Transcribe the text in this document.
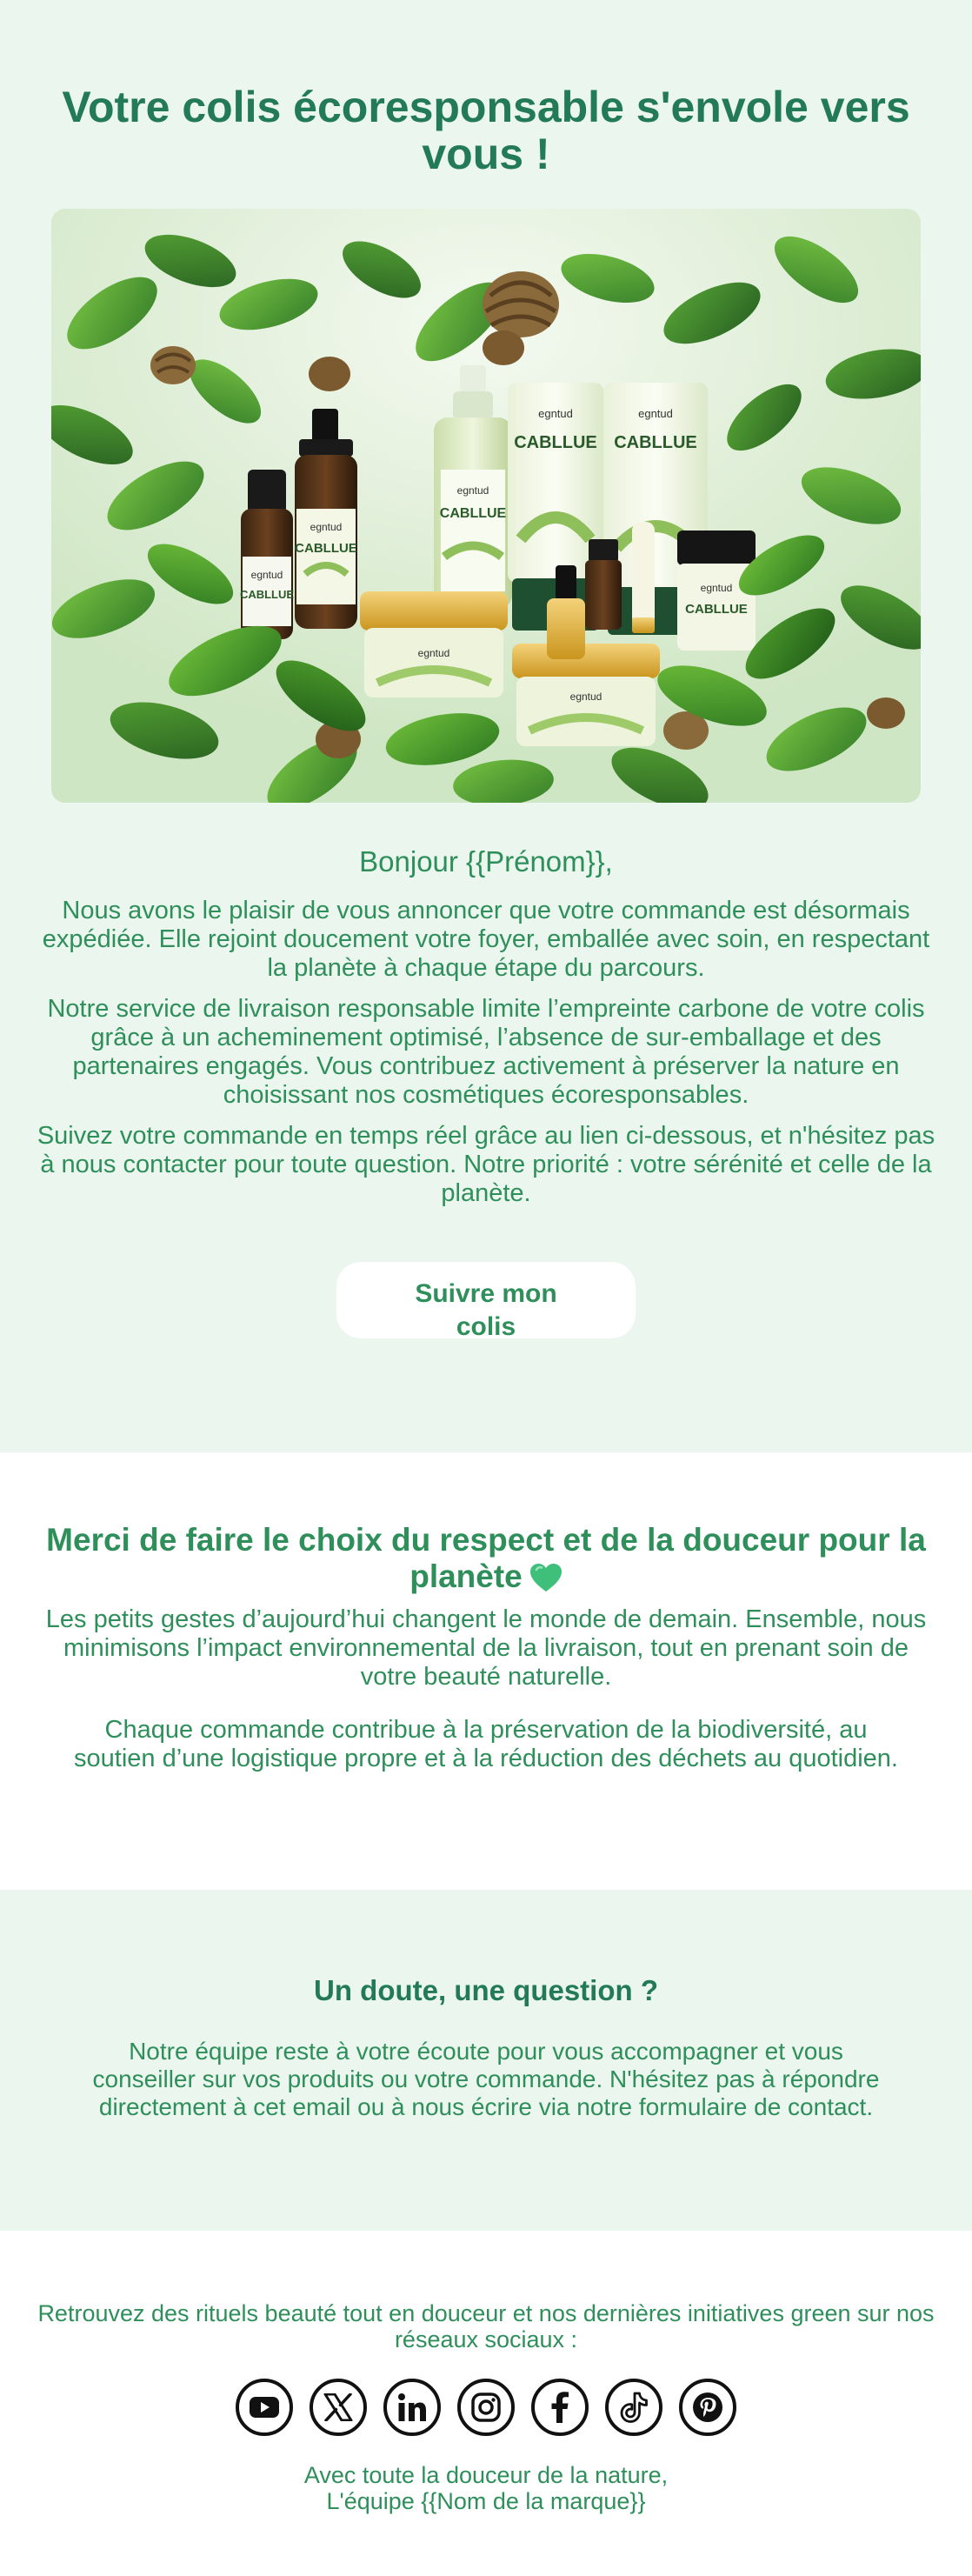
Votre colis écoresponsable s'envole vers vous !
egntud
CABLLUE
egntud
CABLLUE
egntud
CABLLUE
egntud
CABLLUE
egntud
CABLLUE
egntud
CABLLUE
egntud
egntud

Bonjour {{Prénom}},

Nous avons le plaisir de vous annoncer que votre commande est désormais expédiée. Elle rejoint doucement votre foyer, emballée avec soin, en respectant la planète à chaque étape du parcours.

Notre service de livraison responsable limite l’empreinte carbone de votre colis grâce à un acheminement optimisé, l’absence de sur-emballage et des partenaires engagés. Vous contribuez activement à préserver la nature en choisissant nos cosmétiques écoresponsables.

Suivez votre commande en temps réel grâce au lien ci-dessous, et n'hésitez pas à nous contacter pour toute question. Notre priorité : votre sérénité et celle de la planète.

Suivre mon colis
Merci de faire le choix du respect et de la douceur pour la planète

Les petits gestes d’aujourd’hui changent le monde de demain. Ensemble, nous minimisons l’impact environnemental de la livraison, tout en prenant soin de votre beauté naturelle.

Chaque commande contribue à la préservation de la biodiversité, au soutien d’une logistique propre et à la réduction des déchets au quotidien.

Un doute, une question ?

Notre équipe reste à votre écoute pour vous accompagner et vous conseiller sur vos produits ou votre commande. N'hésitez pas à répondre directement à cet email ou à nous écrire via notre formulaire de contact.

Retrouvez des rituels beauté tout en douceur et nos dernières initiatives green sur nos réseaux sociaux :

Avec toute la douceur de la nature,
L'équipe {{Nom de la marque}}
